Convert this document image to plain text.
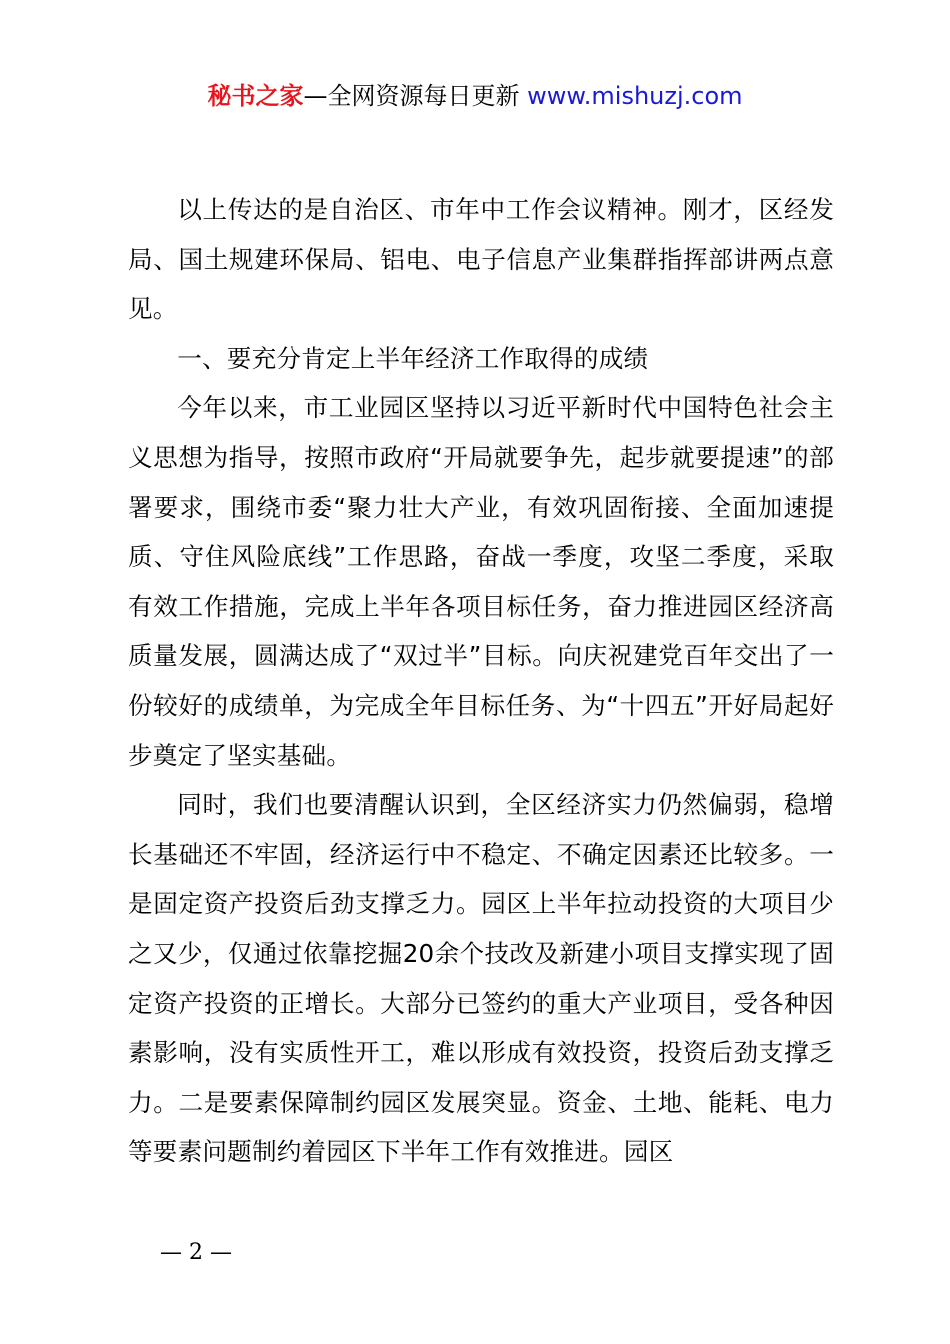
秘书之家—全网资源每日更新 www.mishuzj.com

以上传达的是自治区、市年中工作会议精神。刚才，区经发局、国土规建环保局、铝电、电子信息产业集群指挥部讲两点意见。

一、要充分肯定上半年经济工作取得的成绩

今年以来，市工业园区坚持以习近平新时代中国特色社会主义思想为指导，按照市政府“开局就要争先，起步就要提速”的部署要求，围绕市委“聚力壮大产业，有效巩固衔接、全面加速提质、守住风险底线”工作思路，奋战一季度，攻坚二季度，采取有效工作措施，完成上半年各项目标任务，奋力推进园区经济高质量发展，圆满达成了“双过半”目标。向庆祝建党百年交出了一份较好的成绩单，为完成全年目标任务、为“十四五”开好局起好步奠定了坚实基础。

同时，我们也要清醒认识到，全区经济实力仍然偏弱，稳增长基础还不牢固，经济运行中不稳定、不确定因素还比较多。一是固定资产投资后劲支撑乏力。园区上半年拉动投资的大项目少之又少，仅通过依靠挖掘20余个技改及新建小项目支撑实现了固定资产投资的正增长。大部分已签约的重大产业项目，受各种因素影响，没有实质性开工，难以形成有效投资，投资后劲支撑乏力。二是要素保障制约园区发展突显。资金、土地、能耗、电力等要素问题制约着园区下半年工作有效推进。园区

— 2 —
